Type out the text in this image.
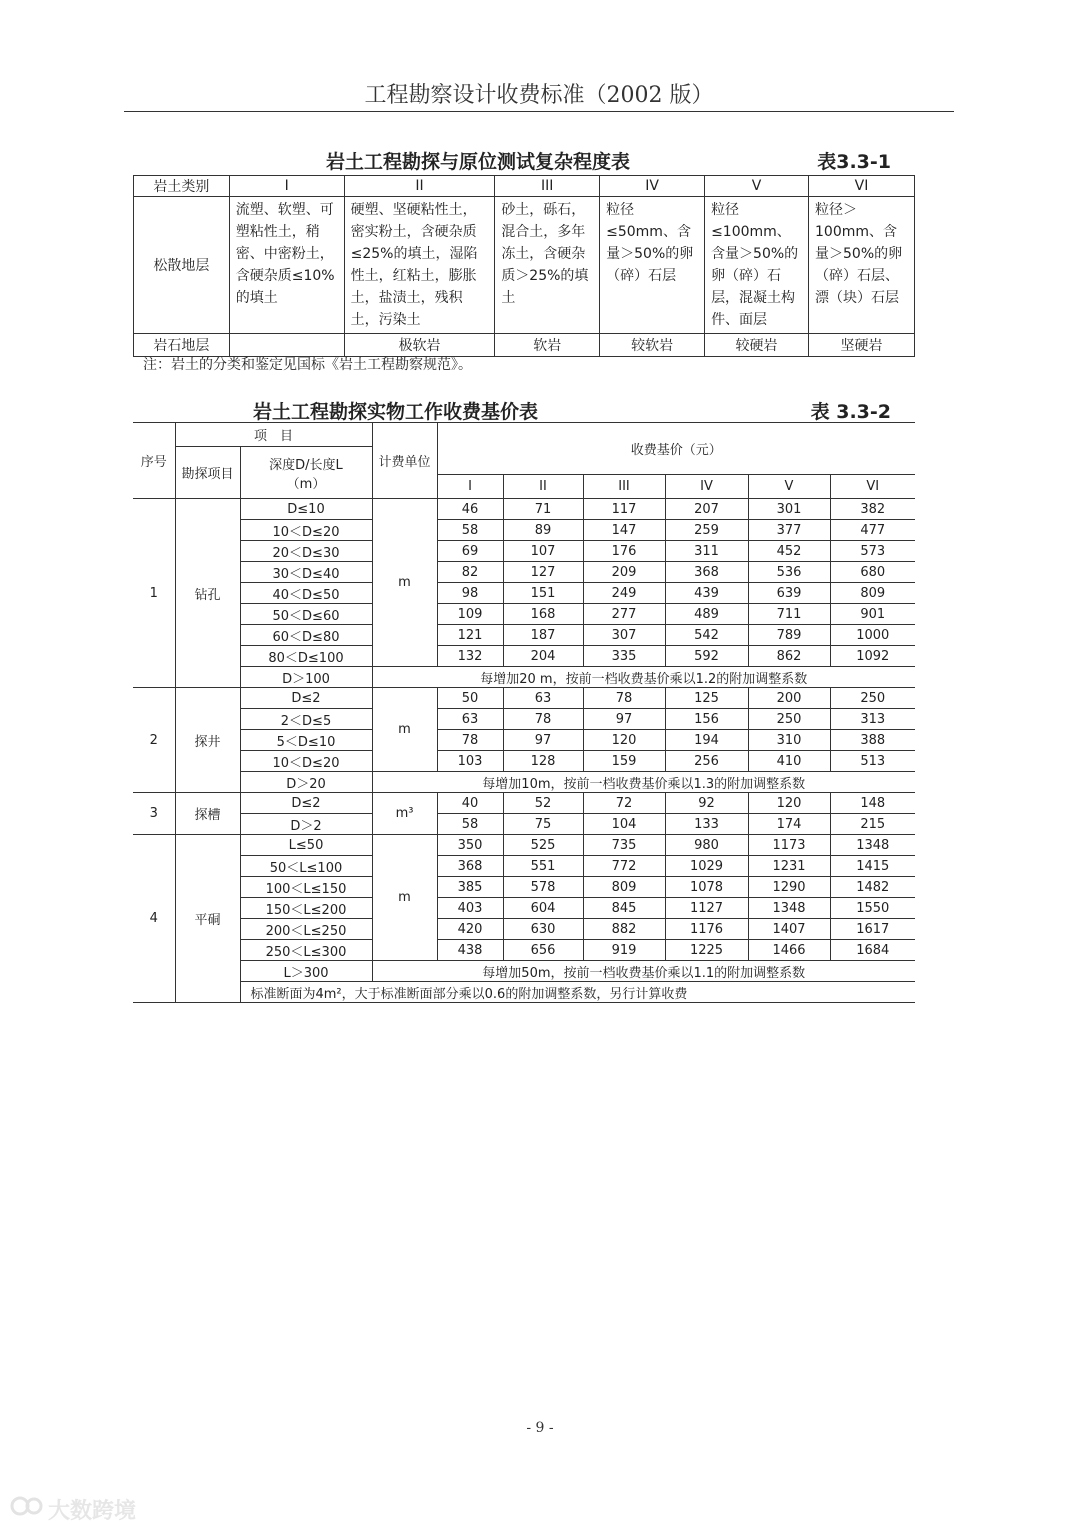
工程勘察设计收费标准（2002 版）
岩土工程勘探与原位测试复杂程度表	表3.3-1
岩土类别	I	II	III	IV	V	VI
松散地层	流塑、软塑、可塑粘性土，稍密、中密粉土，含硬杂质≤10%的填土	硬塑、坚硬粘性土，密实粉土，含硬杂质≤25%的填土，湿陷性土，红粘土，膨胀土，盐渍土，残积土，污染土	砂土，砾石，混合土，多年冻土，含硬杂质＞25%的填土	粒径≤50mm、含量＞50%的卵（碎）石层	粒径≤100mm、含量＞50%的卵（碎）石层，混凝土构件、面层	粒径＞100mm、含量＞50%的卵（碎）石层、漂（块）石层
岩石地层		极软岩	软岩	较软岩	较硬岩	坚硬岩
注：岩土的分类和鉴定见国标《岩土工程勘察规范》。
岩土工程勘探实物工作收费基价表	表 3.3-2
序号	项　目		计费单位	收费基价（元）					
	勘探项目	深度D/长度L
（m）							

				I	II	III	IV	V	VI
1	钻孔	D≤10	m	46	71	117	207	301	382
		10＜D≤20		58	89	147	259	377	477
		20＜D≤30		69	107	176	311	452	573
		30＜D≤40		82	127	209	368	536	680
		40＜D≤50		98	151	249	439	639	809
		50＜D≤60		109	168	277	489	711	901
		60＜D≤80		121	187	307	542	789	1000
		80＜D≤100		132	204	335	592	862	1092
		D＞100	每增加20 m，按前一档收费基价乘以1.2的附加调整系数						
2	探井	D≤2	m	50	63	78	125	200	250
		2＜D≤5		63	78	97	156	250	313
		5＜D≤10		78	97	120	194	310	388
		10＜D≤20		103	128	159	256	410	513
		D＞20	每增加10m，按前一档收费基价乘以1.3的附加调整系数						
3	探槽	D≤2	m³	40	52	72	92	120	148
		D＞2		58	75	104	133	174	215
4	平硐	L≤50	m	350	525	735	980	1173	1348
		50＜L≤100		368	551	772	1029	1231	1415
		100＜L≤150		385	578	809	1078	1290	1482
		150＜L≤200		403	604	845	1127	1348	1550
		200＜L≤250		420	630	882	1176	1407	1617
		250＜L≤300		438	656	919	1225	1466	1684
		L＞300	每增加50m，按前一档收费基价乘以1.1的附加调整系数						
		标准断面为4m²，大于标准断面部分乘以0.6的附加调整系数，另行计算收费							
- 9 -
大数跨境
